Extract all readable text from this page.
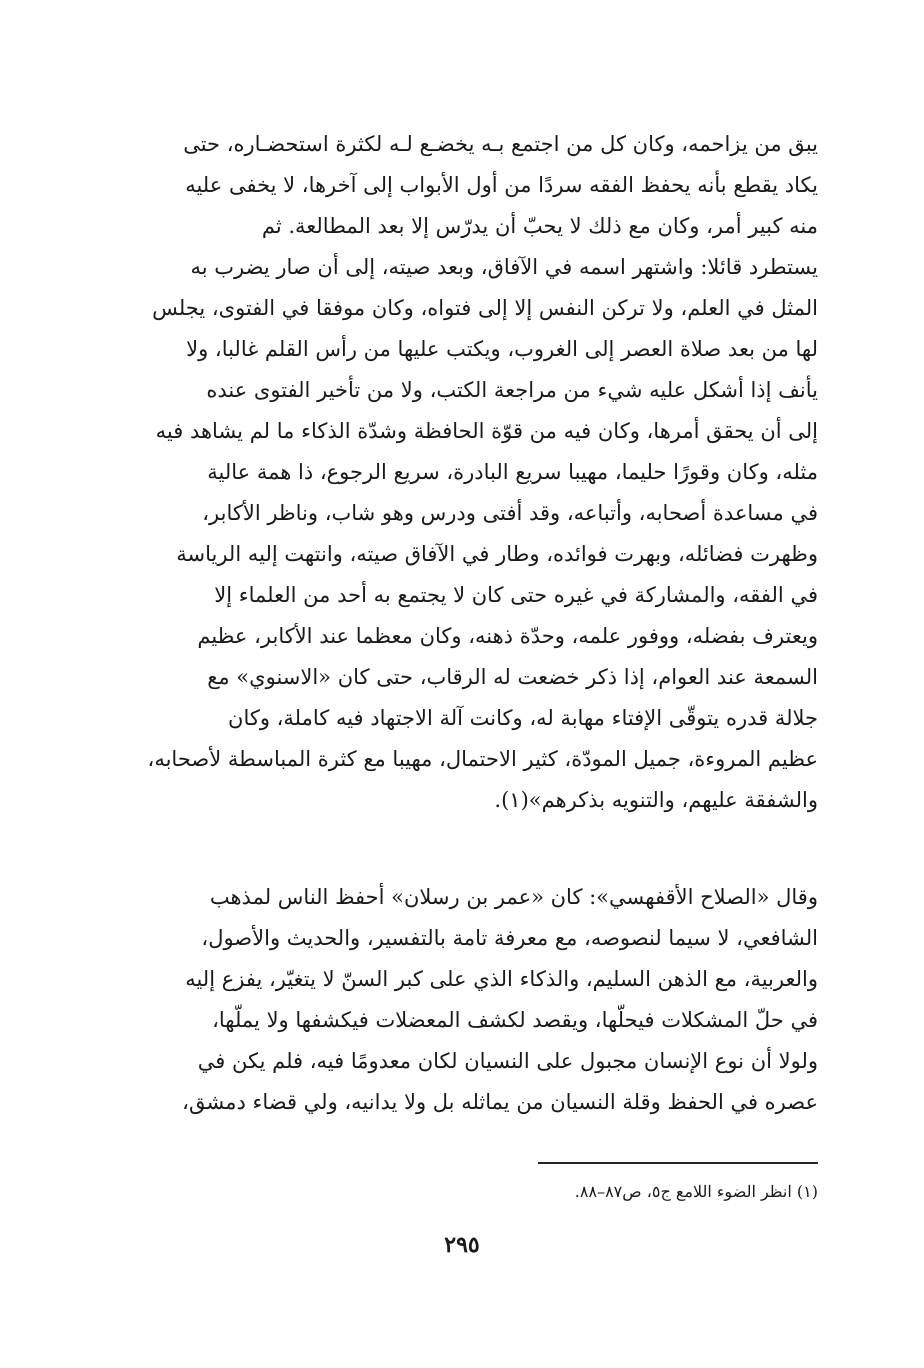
يبق من يزاحمه، وكان كل من اجتمع بـه يخضـع لـه لكثرة استحضـاره، حتى
يكاد يقطع بأنه يحفظ الفقه سردًا من أول الأبواب إلى آخرها، لا يخفى عليه
منه كبير أمر، وكان مع ذلك لا يحبّ أن يدرّس إلا بعد المطالعة. ثم
يستطرد قائلا: واشتهر اسمه في الآفاق، وبعد صيته، إلى أن صار يضرب به
المثل في العلم، ولا تركن النفس إلا إلى فتواه، وكان موفقا في الفتوى، يجلس
لها من بعد صلاة العصر إلى الغروب، ويكتب عليها من رأس القلم غالبا، ولا
يأنف إذا أشكل عليه شيء من مراجعة الكتب، ولا من تأخير الفتوى عنده
إلى أن يحقق أمرها، وكان فيه من قوّة الحافظة وشدّة الذكاء ما لم يشاهد فيه
مثله، وكان وقورًا حليما، مهيبا سريع البادرة، سريع الرجوع، ذا همة عالية
في مساعدة أصحابه، وأتباعه، وقد أفتى ودرس وهو شاب، وناظر الأكابر،
وظهرت فضائله، وبهرت فوائده، وطار في الآفاق صيته، وانتهت إليه الرياسة
في الفقه، والمشاركة في غيره حتى كان لا يجتمع به أحد من العلماء إلا
ويعترف بفضله، ووفور علمه، وحدّة ذهنه، وكان معظما عند الأكابر، عظيم
السمعة عند العوام، إذا ذكر خضعت له الرقاب، حتى كان «الاسنوي» مع
جلالة قدره يتوقّى الإفتاء مهابة له، وكانت آلة الاجتهاد فيه كاملة، وكان
عظيم المروءة، جميل المودّة، كثير الاحتمال، مهيبا مع كثرة المباسطة لأصحابه،
والشفقة عليهم، والتنويه بذكرهم»(١).
وقال «الصلاح الأقفهسي»: كان «عمر بن رسلان» أحفظ الناس لمذهب
الشافعي، لا سيما لنصوصه، مع معرفة تامة بالتفسير، والحديث والأصول،
والعربية، مع الذهن السليم، والذكاء الذي على كبر السنّ لا يتغيّر، يفزع إليه
في حلّ المشكلات فيحلّها، ويقصد لكشف المعضلات فيكشفها ولا يملّها،
ولولا أن نوع الإنسان مجبول على النسيان لكان معدومًا فيه، فلم يكن في
عصره في الحفظ وقلة النسيان من يماثله بل ولا يدانيه، ولي قضاء دمشق،
(١) انظر الضوء اللامع ج٥، ص٨٧–٨٨.
٢٩٥
